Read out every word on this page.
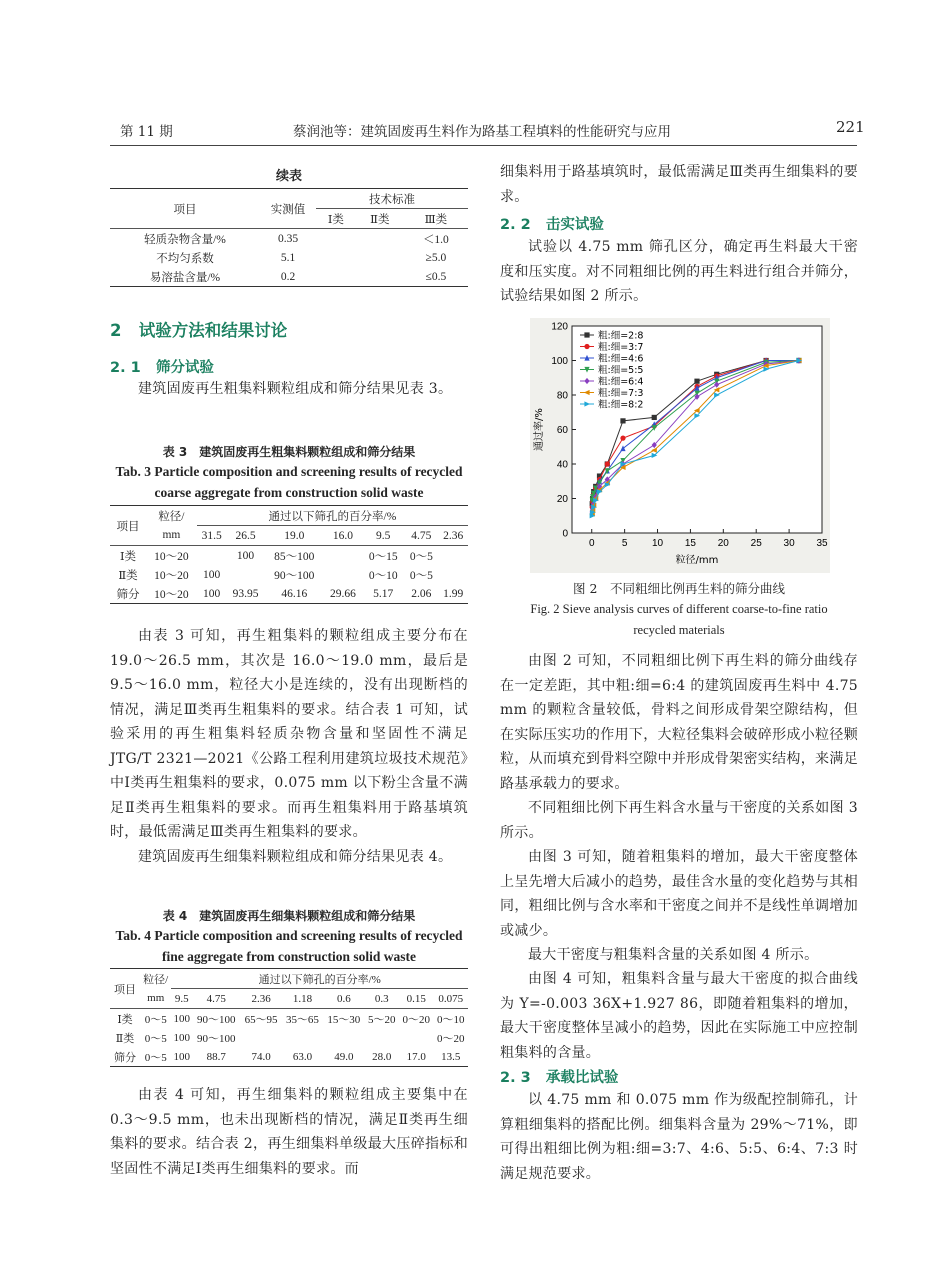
第 11 期	蔡润池等：建筑固废再生料作为路基工程填料的性能研究与应用	221
续表
项目	实测值	技术标准		
		Ⅰ类	Ⅱ类	Ⅲ类
轻质杂物含量/%	0.35			＜1.0
不均匀系数	5.1			≥5.0
易溶盐含量/%	0.2			≤0.5
2 试验方法和结果讨论
2. 1 筛分试验

建筑固废再生粗集料颗粒组成和筛分结果见表 3。

表 3　建筑固废再生粗集料颗粒组成和筛分结果
Tab. 3 Particle composition and screening results of recycled
coarse aggregate from construction solid waste
项目	粒径/	通过以下筛孔的百分率/%						
	mm	31.5	26.5	19.0	16.0	9.5	4.75	2.36
Ⅰ类	10～20		100	85～100		0～15	0～5	
Ⅱ类	10～20	100		90～100		0～10	0～5	
筛分	10～20	100	93.95	46.16	29.66	5.17	2.06	1.99

由表 3 可知，再生粗集料的颗粒组成主要分布在 19.0～26.5 mm，其次是 16.0～19.0 mm，最后是 9.5～16.0 mm，粒径大小是连续的，没有出现断档的情况，满足Ⅲ类再生粗集料的要求。结合表 1 可知，试验采用的再生粗集料轻质杂物含量和坚固性不满足 JTG/T 2321—2021《公路工程利用建筑垃圾技术规范》中Ⅰ类再生粗集料的要求，0.075 mm 以下粉尘含量不满足Ⅱ类再生粗集料的要求。而再生粗集料用于路基填筑时，最低需满足Ⅲ类再生粗集料的要求。

建筑固废再生细集料颗粒组成和筛分结果见表 4。

表 4　建筑固废再生细集料颗粒组成和筛分结果
Tab. 4 Particle composition and screening results of recycled
fine aggregate from construction solid waste
项目	粒径/	通过以下筛孔的百分率/%							
	mm	9.5	4.75	2.36	1.18	0.6	0.3	0.15	0.075
Ⅰ类	0～5	100	90～100	65～95	35～65	15～30	5～20	0～20	0～10
Ⅱ类	0～5	100	90～100						0～20
筛分	0～5	100	88.7	74.0	63.0	49.0	28.0	17.0	13.5

由表 4 可知，再生细集料的颗粒组成主要集中在 0.3～9.5 mm，也未出现断档的情况，满足Ⅱ类再生细集料的要求。结合表 2，再生细集料单级最大压碎指标和坚固性不满足Ⅰ类再生细集料的要求。而

细集料用于路基填筑时，最低需满足Ⅲ类再生细集料的要求。

2. 2 击实试验

试验以 4.75 mm 筛孔区分，确定再生料最大干密度和压实度。对不同粗细比例的再生料进行组合并筛分，试验结果如图 2 所示。

0	5 10 15 20 25 30 35
0
20
40
60
80
100
120
粒径/mm
通过率/%
粗:细=2:8
粗:细=3:7
粗:细=4:6
粗:细=5:5
粗:细=6:4
粗:细=7:3
粗:细=8:2
图 2　不同粗细比例再生料的筛分曲线
Fig. 2 Sieve analysis curves of different coarse-to-fine ratio
recycled materials

由图 2 可知，不同粗细比例下再生料的筛分曲线存在一定差距，其中粗:细=6:4 的建筑固废再生料中 4.75 mm 的颗粒含量较低，骨料之间形成骨架空隙结构，但在实际压实功的作用下，大粒径集料会破碎形成小粒径颗粒，从而填充到骨料空隙中并形成骨架密实结构，来满足路基承载力的要求。

不同粗细比例下再生料含水量与干密度的关系如图 3 所示。

由图 3 可知，随着粗集料的增加，最大干密度整体上呈先增大后减小的趋势，最佳含水量的变化趋势与其相同，粗细比例与含水率和干密度之间并不是线性单调增加或减少。

最大干密度与粗集料含量的关系如图 4 所示。

由图 4 可知，粗集料含量与最大干密度的拟合曲线为 Y=-0.003 36X+1.927 86，即随着粗集料的增加，最大干密度整体呈减小的趋势，因此在实际施工中应控制粗集料的含量。

2. 3 承载比试验

以 4.75 mm 和 0.075 mm 作为级配控制筛孔，计算粗细集料的搭配比例。细集料含量为 29%～71%，即可得出粗细比例为粗:细=3:7、4:6、5:5、6:4、7:3 时满足规范要求。
